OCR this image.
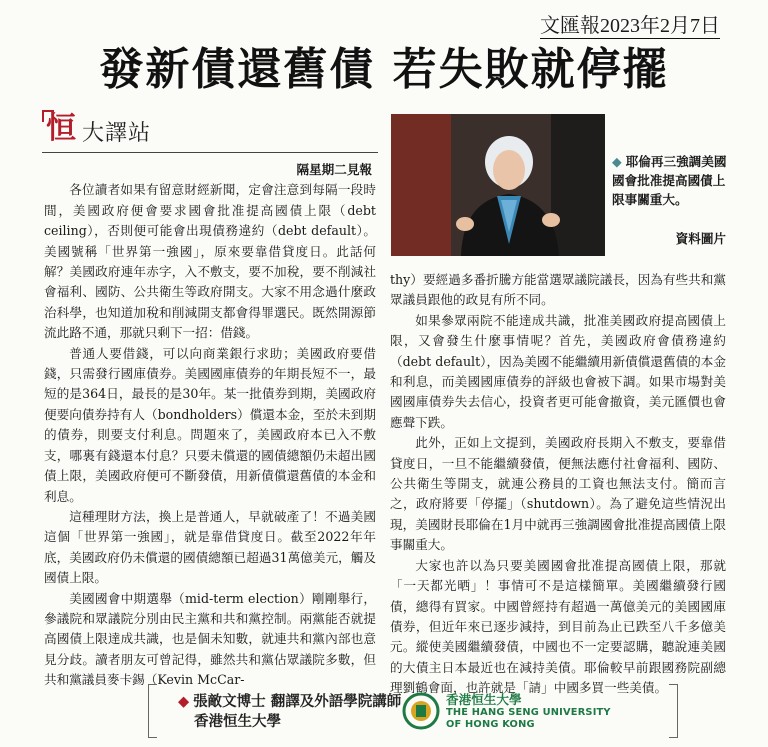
文匯報2023年2月7日
發新債還舊債 若失敗就停擺
恒 大譯站

隔星期二見報

各位讀者如果有留意財經新聞，定會注意到每隔一段時間，美國政府便會要求國會批准提高國債上限（debt ceiling），否則便可能會出現債務違約（debt default）。美國號稱「世界第一強國」，原來要靠借貸度日。此話何解？美國政府連年赤字，入不敷支，要不加稅，要不削減社會福利、國防、公共衛生等政府開支。大家不用念過什麼政治科學，也知道加稅和削減開支都會得罪選民。既然開源節流此路不通，那就只剩下一招：借錢。

普通人要借錢，可以向商業銀行求助；美國政府要借錢，只需發行國庫債券。美國國庫債券的年期長短不一，最短的是364日，最長的是30年。某一批債券到期，美國政府便要向債券持有人（bondholders）償還本金，至於未到期的債券，則要支付利息。問題來了，美國政府本已入不敷支，哪裏有錢還本付息？只要未償還的國債總額仍未超出國債上限，美國政府便可不斷發債，用新債償還舊債的本金和利息。

這種理財方法，換上是普通人，早就破產了！不過美國這個「世界第一強國」，就是靠借貸度日。截至2022年年底，美國政府仍未償還的國債總額已超過31萬億美元，觸及國債上限。

美國國會中期選舉（mid-term election）剛剛舉行，參議院和眾議院分別由民主黨和共和黨控制。兩黨能否就提高國債上限達成共識，也是個未知數，就連共和黨內部也意見分歧。讀者朋友可曾記得，雖然共和黨佔眾議院多數，但共和黨議員麥卡錫（Kevin McCar-

◆ 耶倫再三強調美國國會批准提高國債上限事關重大。
資料圖片

thy）要經過多番折騰方能當選眾議院議長，因為有些共和黨眾議員跟他的政見有所不同。

如果參眾兩院不能達成共識，批准美國政府提高國債上限，又會發生什麼事情呢？首先，美國政府會債務違約（debt default），因為美國不能繼續用新債償還舊債的本金和利息，而美國國庫債券的評級也會被下調。如果市場對美國國庫債券失去信心，投資者更可能會撤資，美元匯價也會應聲下跌。

此外，正如上文提到，美國政府長期入不敷支，要靠借貸度日，一旦不能繼續發債，便無法應付社會福利、國防、公共衛生等開支，就連公務員的工資也無法支付。簡而言之，政府將要「停擺」（shutdown）。為了避免這些情況出現，美國財長耶倫在1月中就再三強調國會批准提高國債上限事關重大。

大家也許以為只要美國國會批准提高國債上限，那就「一天都光晒」！事情可不是這樣簡單。美國繼續發行國債，總得有買家。中國曾經持有超過一萬億美元的美國國庫債券，但近年來已逐步減持，到目前為止已跌至八千多億美元。縱使美國繼續發債，中國也不一定要認購，聽說連美國的大債主日本最近也在減持美債。耶倫較早前跟國務院副總理劉鶴會面，也許就是「請」中國多買一些美債。

◆ 張敵文博士 翻譯及外語學院講師
香港恒生大學
香港恒生大學
THE HANG SENG UNIVERSITY
OF HONG KONG
